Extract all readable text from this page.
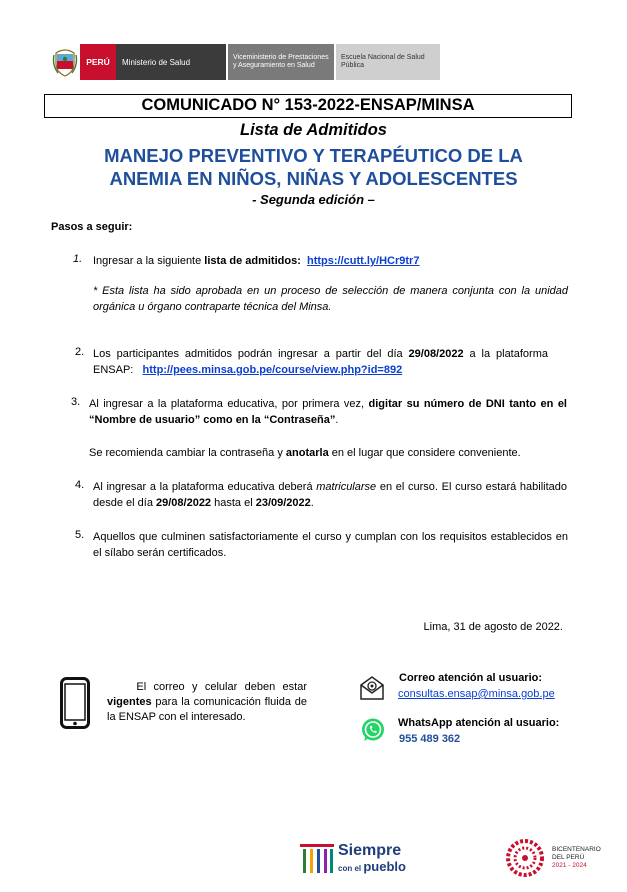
PERÚ	Ministerio de Salud	Viceministerio de Prestaciones y Aseguramiento en Salud
Escuela Nacional de Salud Pública
COMUNICADO N° 153-2022-ENSAP/MINSA
Lista de Admitidos
MANEJO PREVENTIVO Y TERAPÉUTICO DE LA
ANEMIA EN NIÑOS, NIÑAS Y ADOLESCENTES
- Segunda edición –
Pasos a seguir:
1. Ingresar a la siguiente lista de admitidos: https://cutt.ly/HCr9tr7
* Esta lista ha sido aprobada en un proceso de selección de manera conjunta con la unidad orgánica u órgano contraparte técnica del Minsa.
2. Los participantes admitidos podrán ingresar a partir del día 29/08/2022 a la plataforma ENSAP: http://pees.minsa.gob.pe/course/view.php?id=892
3. Al ingresar a la plataforma educativa, por primera vez, digitar su número de DNI tanto en el “Nombre de usuario” como en la “Contraseña”.
Se recomienda cambiar la contraseña y anotarla en el lugar que considere conveniente.
4. Al ingresar a la plataforma educativa deberá matricularse en el curso. El curso estará habilitado desde el día 29/08/2022 hasta el 23/09/2022.
5. Aquellos que culminen satisfactoriamente el curso y cumplan con los requisitos establecidos en el sílabo serán certificados.
Lima, 31 de agosto de 2022.
El correo y celular deben estar vigentes para la comunicación fluida de la ENSAP con el interesado.
Correo atención al usuario:
consultas.ensap@minsa.gob.pe
WhatsApp atención al usuario:
955 489 362
Siempre
con el pueblo
BICENTENARIO
DEL PERÚ
2021 - 2024
